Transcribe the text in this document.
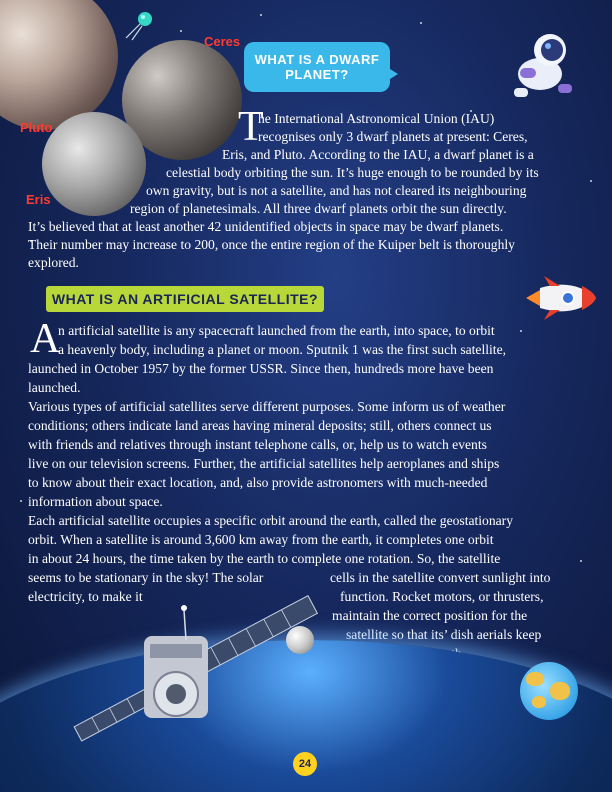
Ceres
Pluto
Eris
WHAT IS A DWARF PLANET?
T
he International Astronomical Union (IAU)
recognises only 3 dwarf planets at present: Ceres,
Eris, and Pluto. According to the IAU, a dwarf planet is a
celestial body orbiting the sun. It’s huge enough to be rounded by its
own gravity, but is not a satellite, and has not cleared its neighbouring
region of planetesimals. All three dwarf planets orbit the sun directly.
It’s believed that at least another 42 unidentified objects in space may be dwarf planets.
Their number may increase to 200, once the entire region of the Kuiper belt is thoroughly
explored.
WHAT IS AN ARTIFICIAL SATELLITE?
A
n artificial satellite is any spacecraft launched from the earth, into space, to orbit
a heavenly body, including a planet or moon. Sputnik 1 was the first such satellite,
launched in October 1957 by the former USSR. Since then, hundreds more have been
launched.
Various types of artificial satellites serve different purposes. Some inform us of weather
conditions; others indicate land areas having mineral deposits; still, others connect us
with friends and relatives through instant telephone calls, or, help us to watch events
live on our television screens. Further, the artificial satellites help aeroplanes and ships
to know about their exact location, and, also provide astronomers with much-needed
information about space.
Each artificial satellite occupies a specific orbit around the earth, called the geostationary
orbit. When a satellite is around 3,600 km away from the earth, it completes one orbit
in about 24 hours, the time taken by the earth to complete one rotation. So, the satellite
seems to be stationary in the sky! The solar	cells in the satellite convert sunlight into
electricity, to make it	function. Rocket motors, or thrusters,
maintain the correct position for the
satellite so that its’ dish aerials keep
24
